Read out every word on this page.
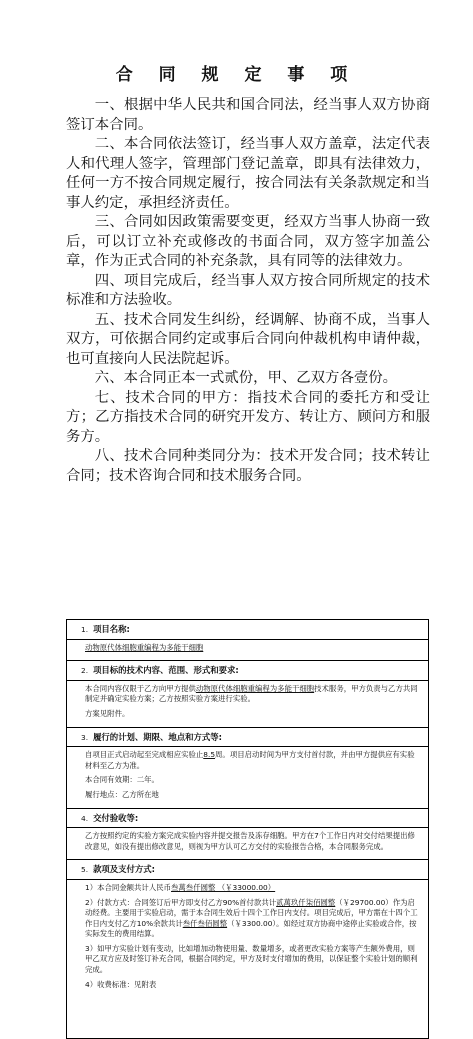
合 同 规 定 事 项

一、根据中华人民共和国合同法，经当事人双方协商签订本合同。

二、本合同依法签订，经当事人双方盖章，法定代表人和代理人签字，管理部门登记盖章，即具有法律效力，任何一方不按合同规定履行，按合同法有关条款规定和当事人约定，承担经济责任。

三、合同如因政策需要变更，经双方当事人协商一致后，可以订立补充或修改的书面合同，双方签字加盖公章，作为正式合同的补充条款，具有同等的法律效力。

四、项目完成后，经当事人双方按合同所规定的技术标准和方法验收。

五、技术合同发生纠纷，经调解、协商不成，当事人双方，可依据合同约定或事后合同向仲裁机构申请仲裁，也可直接向人民法院起诉。

六、本合同正本一式贰份，甲、乙双方各壹份。

七、技术合同的甲方：指技术合同的委托方和受让方；乙方指技术合同的研究开发方、转让方、顾问方和服务方。

八、技术合同种类同分为：技术开发合同；技术转让合同；技术咨询合同和技术服务合同。

1. 项目名称:

动物原代体细胞重编程为多能干细胞

2. 项目标的技术内容、范围、形式和要求:

本合同内容仅限于乙方向甲方提供动物原代体细胞重编程为多能干细胞技术服务，甲方负责与乙方共同制定并确定实验方案；乙方按照实验方案进行实验。

方案见附件。

3. 履行的计划、期限、地点和方式等:

自项目正式启动起至完成相应实验止8.5周。项目启动时间为甲方支付首付款，并由甲方提供应有实验材料至乙方为准。

本合同有效期：二年。

履行地点：乙方所在地

4. 交付验收等:

乙方按照约定的实验方案完成实验内容并提交报告及冻存细胞。甲方在7个工作日内对交付结果提出修改意见，如没有提出修改意见，则视为甲方认可乙方交付的实验报告合格，本合同服务完成。

5. 款项及支付方式:

1）本合同金额共计人民币叁萬叁仟圆整 （￥33000.00）

2）付款方式：合同签订后甲方即支付乙方90%首付款共计贰萬玖仟柒佰圆整（￥29700.00）作为启动经费。主要用于实验启动，需于本合同生效后十四个工作日内支付。项目完成后，甲方需在十四个工作日内支付乙方10%余款共计叁仟叁佰圆整（￥3300.00）。如经过双方协商中途停止实验或合作，按实际发生的费用结算。

3）如甲方实验计划有变动，比如增加动物使用量、数量增多，或者更改实验方案等产生额外费用，则甲乙双方应及时签订补充合同，根据合同约定，甲方及时支付增加的费用，以保证整个实验计划的顺利完成。

4）收费标准：见附表
